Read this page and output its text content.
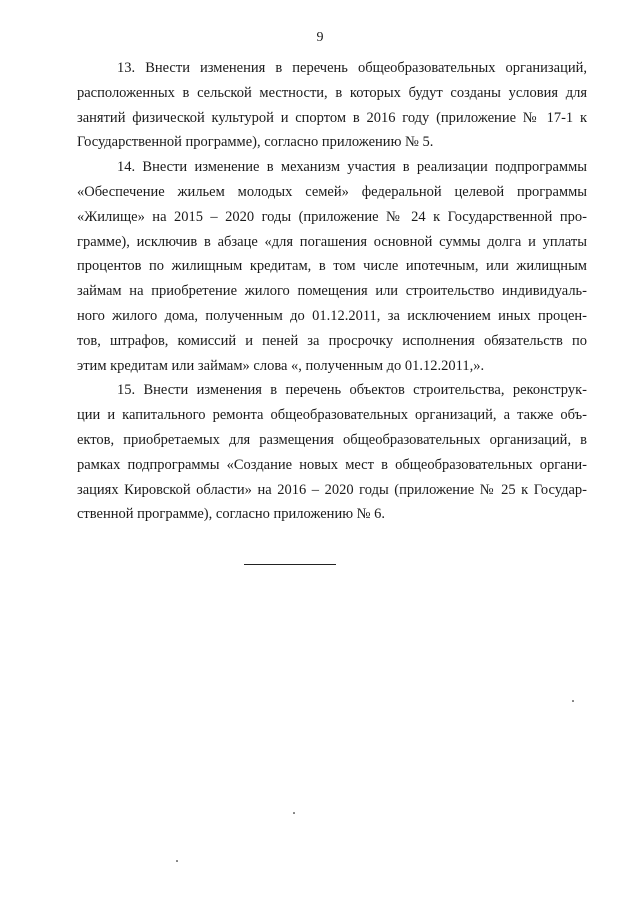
9

13. Внести изменения в перечень общеобразовательных организаций,
расположенных в сельской местности, в которых будут созданы условия для
занятий физической культурой и спортом в 2016 году (приложение № 17-1 к
Государственной программе), согласно приложению № 5.

14. Внести изменение в механизм участия в реализации подпрограммы
«Обеспечение жильем молодых семей» федеральной целевой программы
«Жилище» на 2015 – 2020 годы (приложение № 24 к Государственной про-
грамме), исключив в абзаце «для погашения основной суммы долга и уплаты
процентов по жилищным кредитам, в том числе ипотечным, или жилищным
займам на приобретение жилого помещения или строительство индивидуаль-
ного жилого дома, полученным до 01.12.2011, за исключением иных процен-
тов, штрафов, комиссий и пеней за просрочку исполнения обязательств по
этим кредитам или займам» слова «, полученным до 01.12.2011,».

15. Внести изменения в перечень объектов строительства, реконструк-
ции и капитального ремонта общеобразовательных организаций, а также объ-
ектов, приобретаемых для размещения общеобразовательных организаций, в
рамках подпрограммы «Создание новых мест в общеобразовательных органи-
зациях Кировской области» на 2016 – 2020 годы (приложение № 25 к Государ-
ственной программе), согласно приложению № 6.
